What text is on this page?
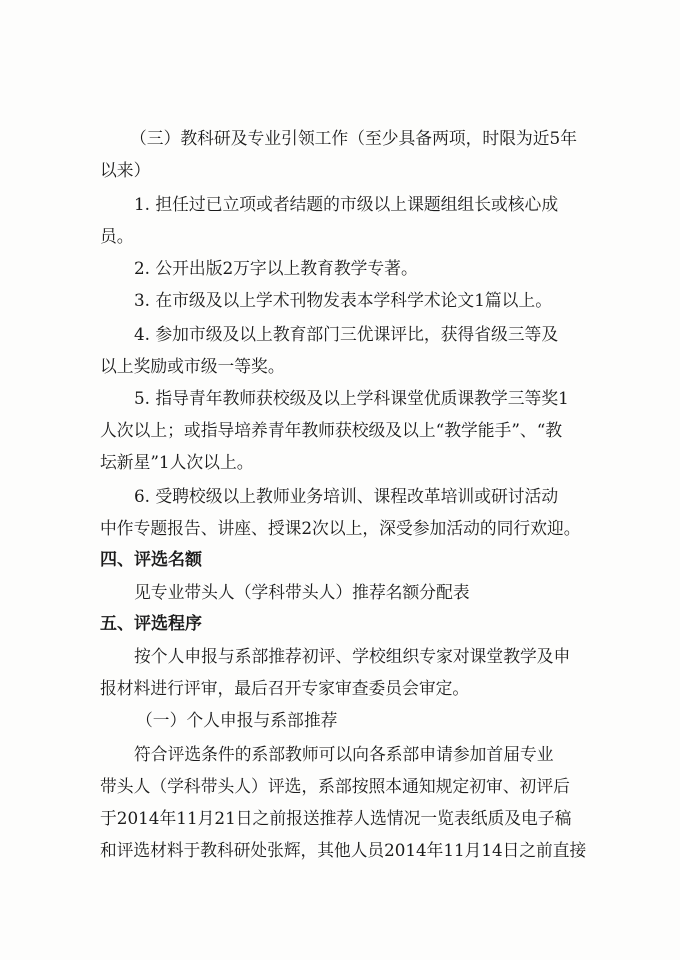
（三）教科研及专业引领工作（至少具备两项，时限为近5年
以来）
1. 担任过已立项或者结题的市级以上课题组组长或核心成
员。
2. 公开出版2万字以上教育教学专著。
3. 在市级及以上学术刊物发表本学科学术论文1篇以上。
4. 参加市级及以上教育部门三优课评比，获得省级三等及
以上奖励或市级一等奖。
5. 指导青年教师获校级及以上学科课堂优质课教学三等奖1
人次以上；或指导培养青年教师获校级及以上“教学能手”、“教
坛新星”1人次以上。
6. 受聘校级以上教师业务培训、课程改革培训或研讨活动
中作专题报告、讲座、授课2次以上，深受参加活动的同行欢迎。
四、评选名额
见专业带头人（学科带头人）推荐名额分配表
五、评选程序
按个人申报与系部推荐初评、学校组织专家对课堂教学及申
报材料进行评审，最后召开专家审查委员会审定。
（一）个人申报与系部推荐
符合评选条件的系部教师可以向各系部申请参加首届专业
带头人（学科带头人）评选，系部按照本通知规定初审、初评后
于2014年11月21日之前报送推荐人选情况一览表纸质及电子稿
和评选材料于教科研处张辉，其他人员2014年11月14日之前直接
